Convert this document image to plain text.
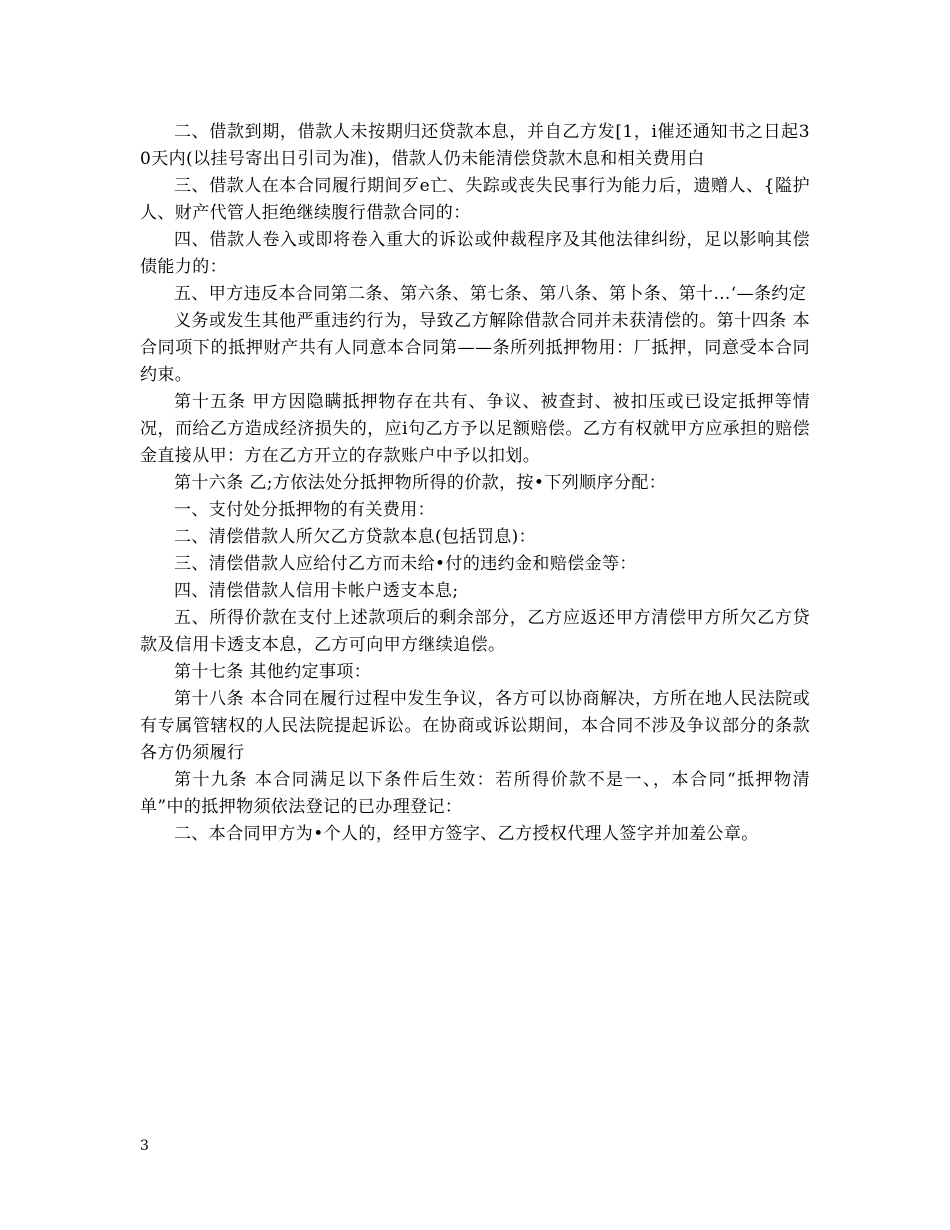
二、借款到期，借款人未按期归还贷款本息，并自乙方发[1，i催还通知书之日起30天内(以挂号寄出日引司为准)，借款人仍未能清偿贷款木息和相关费用白

三、借款人在本合同履行期间歹e亡、失踪或丧失民事行为能力后，遗赠人、{隘护人、财产代管人拒绝继续腹行借款合同的：

四、借款人卷入或即将卷入重大的诉讼或仲裁程序及其他法律纠纷，足以影响其偿债能力的：

五、甲方违反本合同第二条、第六条、第七条、第八条、第卜条、第十…‘—条约定

义务或发生其他严重违约行为，导致乙方解除借款合同并未获清偿的。第十四条 本合同项下的抵押财产共有人同意本合同第——条所列抵押物用：厂抵押，同意受本合同约束。

第十五条 甲方因隐瞒抵押物存在共有、争议、被查封、被扣压或已设定抵押等情况，而给乙方造成经济损失的，应i句乙方予以足额赔偿。乙方有权就甲方应承担的赔偿金直接从甲：方在乙方开立的存款账户中予以扣划。

第十六条 乙;方依法处分抵押物所得的价款，按•下列顺序分配：

一、支付处分抵押物的有关费用：

二、清偿借款人所欠乙方贷款本息(包括罚息)：

三、清偿借款人应给付乙方而未给•付的违约金和赔偿金等：

四、清偿借款人信用卡帐户透支本息;

五、所得价款在支付上述款项后的剩余部分，乙方应返还甲方清偿甲方所欠乙方贷款及信用卡透支本息，乙方可向甲方继续追偿。

第十七条 其他约定事项：

第十八条 本合同在履行过程中发生争议，各方可以协商解决，方所在地人民法院或有专属管辖权的人民法院提起诉讼。在协商或诉讼期间，本合同不涉及争议部分的条款各方仍须履行

第十九条 本合同满足以下条件后生效：若所得价款不是一、，本合同“抵押物清单”中的抵押物须依法登记的已办理登记：

二、本合同甲方为•个人的，经甲方签字、乙方授权代理人签字并加羞公章。

3
